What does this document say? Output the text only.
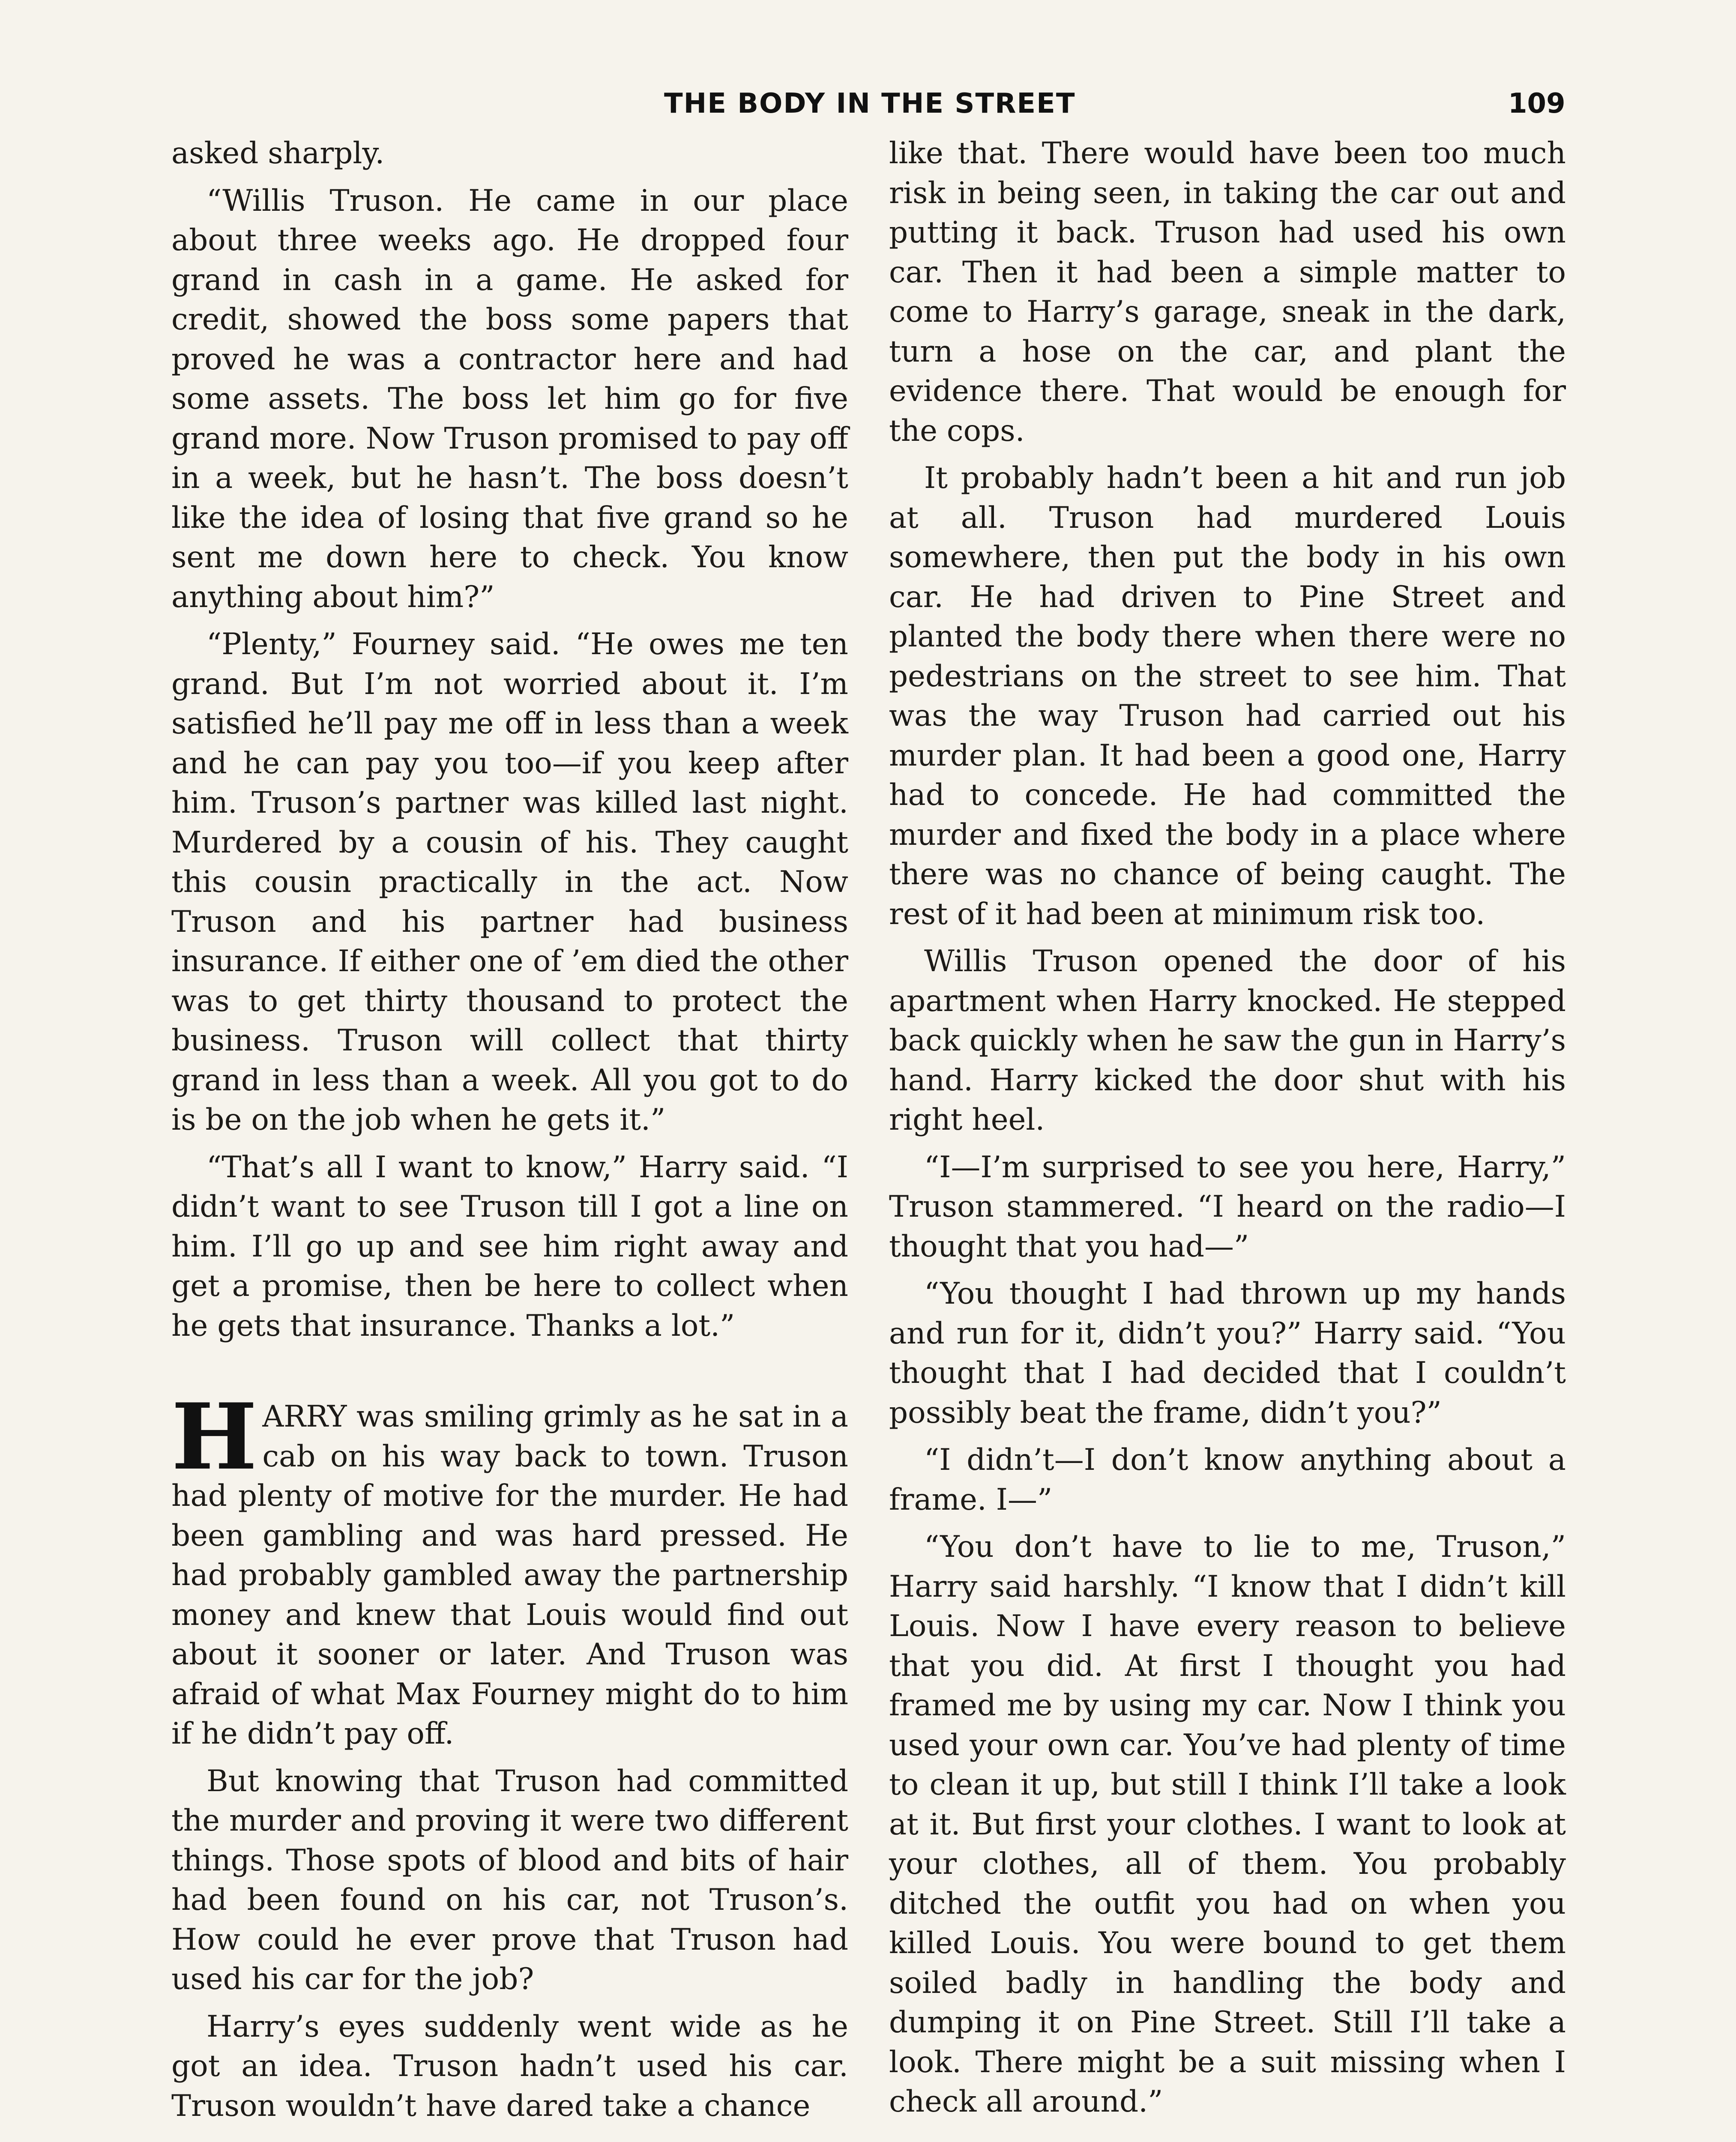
THE BODY IN THE STREET	109

asked sharply.

“Willis Truson. He came in our place about three weeks ago. He dropped four grand in cash in a game. He asked for credit, showed the boss some papers that proved he was a contractor here and had some assets. The boss let him go for five grand more. Now Truson promised to pay off in a week, but he hasn’t. The boss doesn’t like the idea of losing that five grand so he sent me down here to check. You know anything about him?”

“Plenty,” Fourney said. “He owes me ten grand. But I’m not worried about it. I’m satisfied he’ll pay me off in less than a week and he can pay you too—if you keep after him. Truson’s partner was killed last night. Murdered by a cousin of his. They caught this cousin practically in the act. Now Truson and his partner had business insurance. If either one of ’em died the other was to get thirty thousand to protect the business. Truson will collect that thirty grand in less than a week. All you got to do is be on the job when he gets it.”

“That’s all I want to know,” Harry said. “I didn’t want to see Truson till I got a line on him. I’ll go up and see him right away and get a promise, then be here to collect when he gets that insurance. Thanks a lot.”

HARRY was smiling grimly as he sat in a cab on his way back to town. Truson had plenty of motive for the murder. He had been gambling and was hard pressed. He had probably gambled away the partnership money and knew that Louis would find out about it sooner or later. And Truson was afraid of what Max Fourney might do to him if he didn’t pay off.

But knowing that Truson had committed the murder and proving it were two different things. Those spots of blood and bits of hair had been found on his car, not Truson’s. How could he ever prove that Truson had used his car for the job?

Harry’s eyes suddenly went wide as he got an idea. Truson hadn’t used his car. Truson wouldn’t have dared take a chance

like that. There would have been too much risk in being seen, in taking the car out and putting it back. Truson had used his own car. Then it had been a simple matter to come to Harry’s garage, sneak in the dark, turn a hose on the car, and plant the evidence there. That would be enough for the cops.

It probably hadn’t been a hit and run job at all. Truson had murdered Louis somewhere, then put the body in his own car. He had driven to Pine Street and planted the body there when there were no pedestrians on the street to see him. That was the way Truson had carried out his murder plan. It had been a good one, Harry had to concede. He had committed the murder and fixed the body in a place where there was no chance of being caught. The rest of it had been at minimum risk too.

Willis Truson opened the door of his apartment when Harry knocked. He stepped back quickly when he saw the gun in Harry’s hand. Harry kicked the door shut with his right heel.

“I—I’m surprised to see you here, Harry,” Truson stammered. “I heard on the radio—I thought that you had—”

“You thought I had thrown up my hands and run for it, didn’t you?” Harry said. “You thought that I had decided that I couldn’t possibly beat the frame, didn’t you?”

“I didn’t—I don’t know anything about a frame. I—”

“You don’t have to lie to me, Truson,” Harry said harshly. “I know that I didn’t kill Louis. Now I have every reason to believe that you did. At first I thought you had framed me by using my car. Now I think you used your own car. You’ve had plenty of time to clean it up, but still I think I’ll take a look at it. But first your clothes. I want to look at your clothes, all of them. You probably ditched the outfit you had on when you killed Louis. You were bound to get them soiled badly in handling the body and dumping it on Pine Street. Still I’ll take a look. There might be a suit missing when I check all around.”
